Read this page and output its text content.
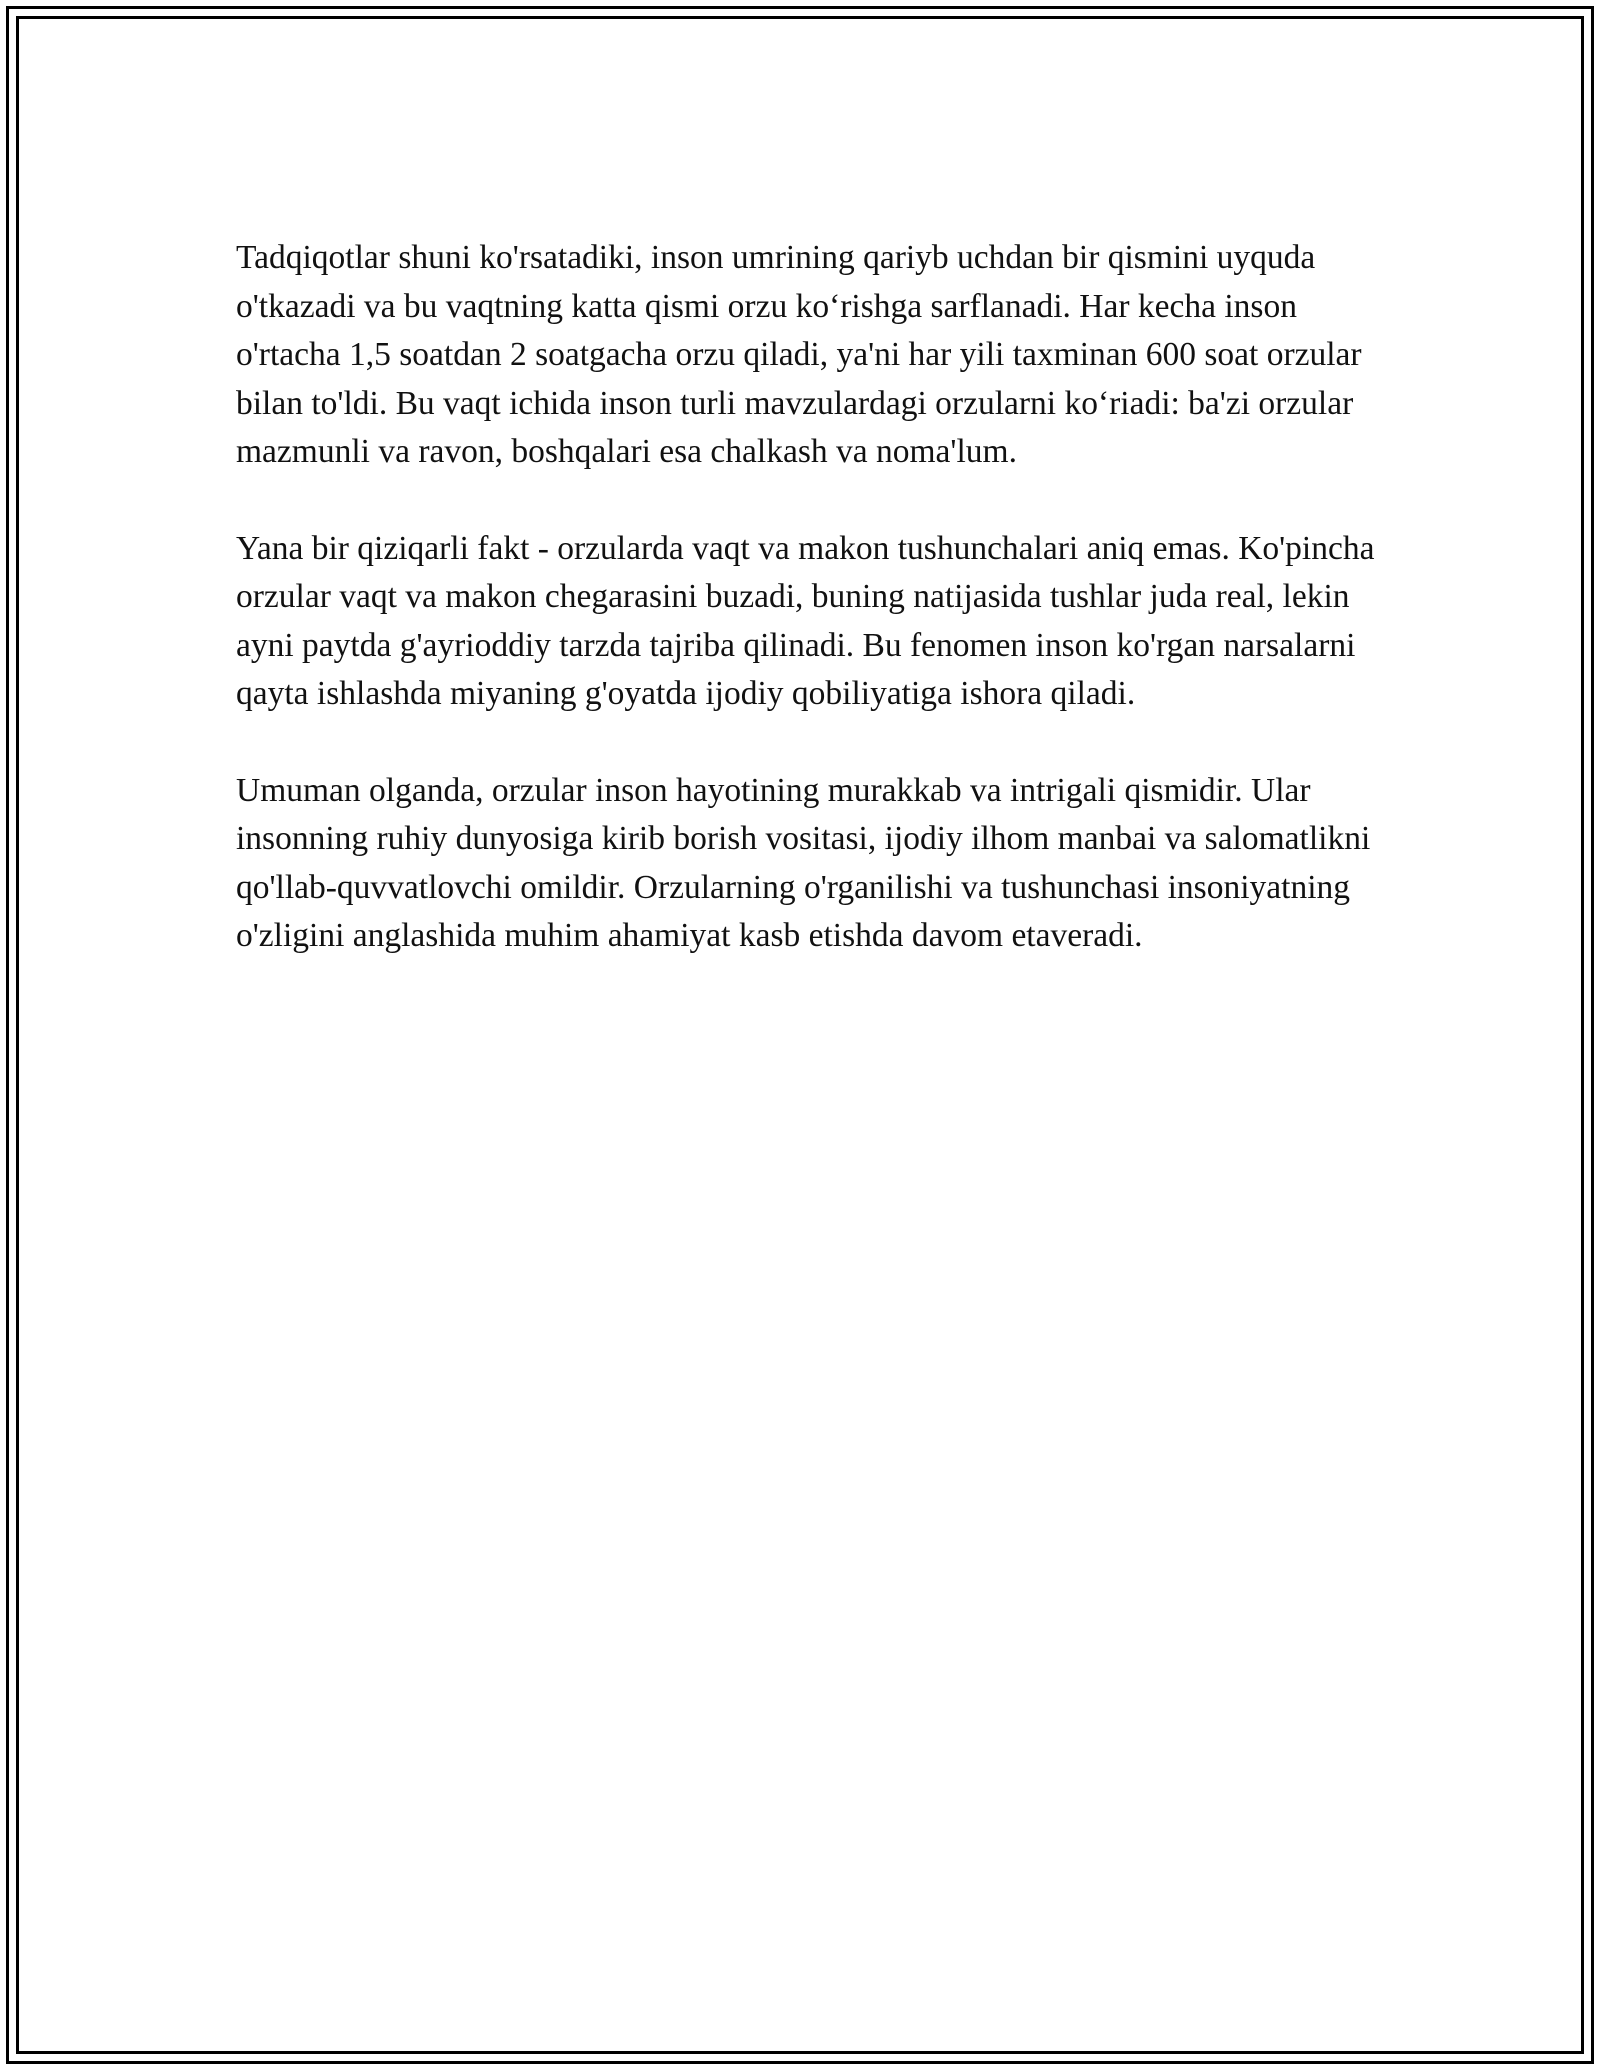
Tadqiqotlar shuni ko'rsatadiki, inson umrining qariyb uchdan bir qismini uyquda o'tkazadi va bu vaqtning katta qismi orzu ko‘rishga sarflanadi. Har kecha inson o'rtacha 1,5 soatdan 2 soatgacha orzu qiladi, ya'ni har yili taxminan 600 soat orzular bilan to'ldi. Bu vaqt ichida inson turli mavzulardagi orzularni ko‘riadi: ba'zi orzular mazmunli va ravon, boshqalari esa chalkash va noma'lum.

Yana bir qiziqarli fakt - orzularda vaqt va makon tushunchalari aniq emas. Ko'pincha orzular vaqt va makon chegarasini buzadi, buning natijasida tushlar juda real, lekin ayni paytda g'ayrioddiy tarzda tajriba qilinadi. Bu fenomen inson ko'rgan narsalarni qayta ishlashda miyaning g'oyatda ijodiy qobiliyatiga ishora qiladi.

Umuman olganda, orzular inson hayotining murakkab va intrigali qismidir. Ular insonning ruhiy dunyosiga kirib borish vositasi, ijodiy ilhom manbai va salomatlikni qo'llab-quvvatlovchi omildir. Orzularning o'rganilishi va tushunchasi insoniyatning o'zligini anglashida muhim ahamiyat kasb etishda davom etaveradi.
